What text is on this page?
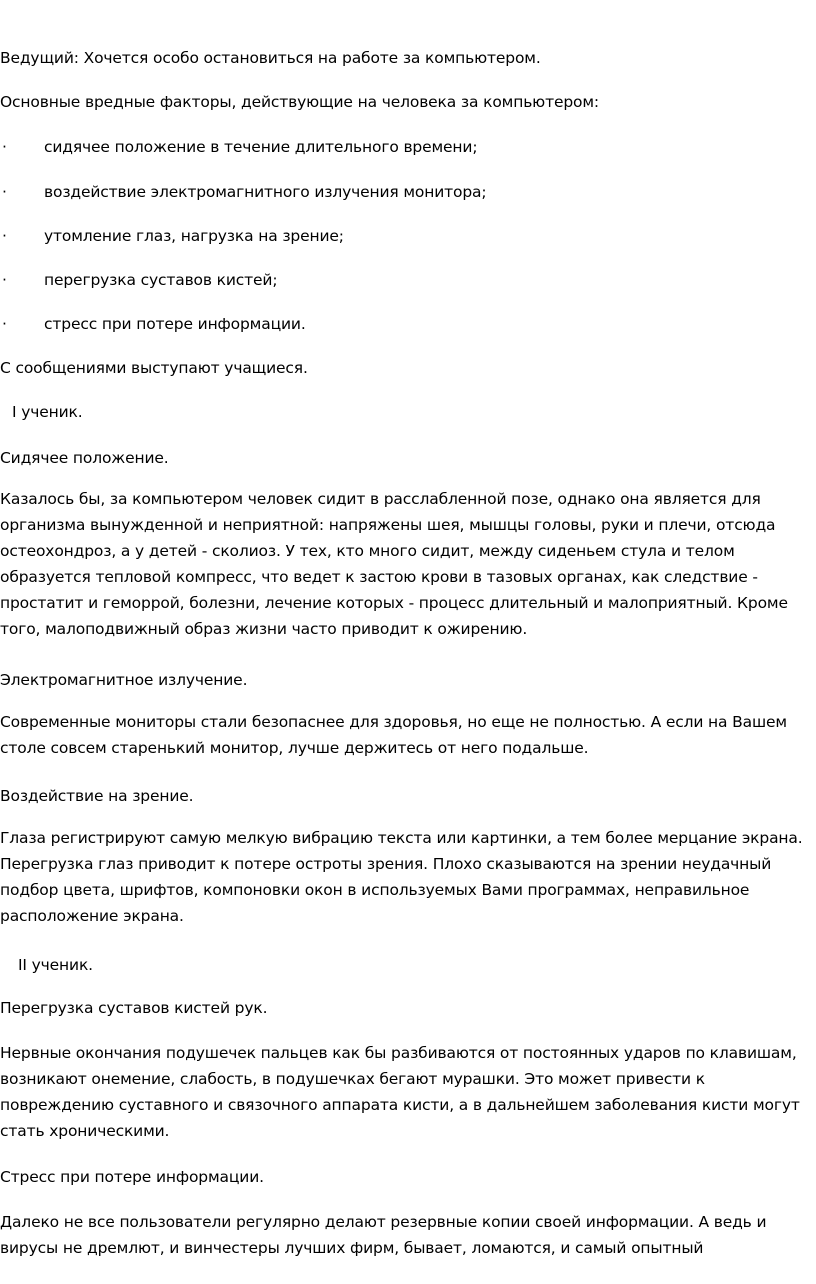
Ведущий: Хочется особо остановиться на работе за компьютером.
Основные вредные факторы, действующие на человека за компьютером:
·	сидячее положение в течение длительного времени;
·	воздействие электромагнитного излучения монитора;
·	утомление глаз, нагрузка на зрение;
·	перегрузка суставов кистей;
·	стресс при потере информации.
С сообщениями выступают учащиеся.
I ученик.
Сидячее положение.
Казалось бы, за компьютером человек сидит в расслабленной позе, однако она является для
организма вынужденной и неприятной: напряжены шея, мышцы головы, руки и плечи, отсюда
остеохондроз, а у детей - сколиоз. У тех, кто много сидит, между сиденьем стула и телом
образуется тепловой компресс, что ведет к застою крови в тазовых органах, как следствие -
простатит и геморрой, болезни, лечение которых - процесс длительный и малоприятный. Кроме
того, малоподвижный образ жизни часто приводит к ожирению.
Электромагнитное излучение.
Современные мониторы стали безопаснее для здоровья, но еще не полностью. А если на Вашем
столе совсем старенький монитор, лучше держитесь от него подальше.
Воздействие на зрение.
Глаза регистрируют самую мелкую вибрацию текста или картинки, а тем более мерцание экрана.
Перегрузка глаз приводит к потере остроты зрения. Плохо сказываются на зрении неудачный
подбор цвета, шрифтов, компоновки окон в используемых Вами программах, неправильное
расположение экрана.
II ученик.
Перегрузка суставов кистей рук.
Нервные окончания подушечек пальцев как бы разбиваются от постоянных ударов по клавишам,
возникают онемение, слабость, в подушечках бегают мурашки. Это может привести к
повреждению суставного и связочного аппарата кисти, а в дальнейшем заболевания кисти могут
стать хроническими.
Стресс при потере информации.
Далеко не все пользователи регулярно делают резервные копии своей информации. А ведь и
вирусы не дремлют, и винчестеры лучших фирм, бывает, ломаются, и самый опытный
